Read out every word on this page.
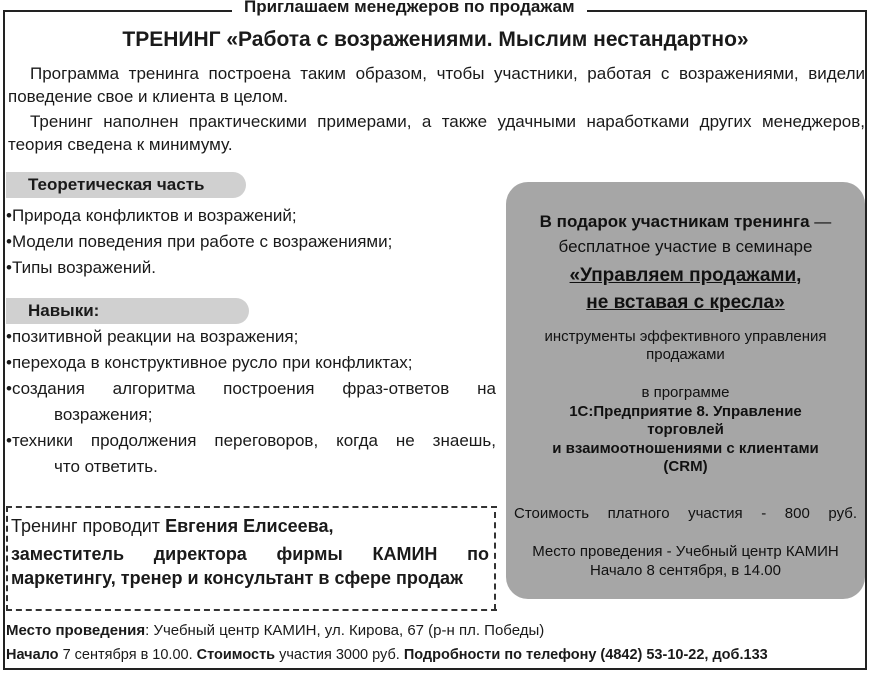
Приглашаем менеджеров по продажам
ТРЕНИНГ «Работа с возражениями. Мыслим нестандартно»
Программа тренинга построена таким образом, чтобы участники, работая с возражениями, видели поведение свое и клиента в целом.
Тренинг наполнен практическими примерами, а также удачными наработками других менеджеров, теория сведена к минимуму.
Теоретическая часть
•Природа конфликтов и возражений;
•Модели поведения при работе с возражениями;
•Типы возражений.
Навыки:
•позитивной реакции на возражения;
•перехода в конструктивное русло при конфликтах;
•создания алгоритма построения фраз-ответов на
возражения;
•техники продолжения переговоров, когда не знаешь,
что ответить.
В подарок участникам тренинга —
бесплатное участие в семинаре
«Управляем продажами,
не вставая с кресла»
инструменты эффективного управления
продажами
в программе
1С:Предприятие 8. Управление
торговлей
и взаимоотношениями с клиентами
(CRM)
Стоимость платного участия - 800 руб.
Место проведения - Учебный центр КАМИН
Начало 8 сентября, в 14.00
Тренинг проводит Евгения Елисеева,
заместитель директора фирмы КАМИН по маркетингу, тренер и консультант в сфере продаж
Место проведения: Учебный центр КАМИН, ул. Кирова, 67 (р-н пл. Победы)
Начало 7 сентября в 10.00. Стоимость участия 3000 руб. Подробности по телефону (4842) 53-10-22, доб.133
